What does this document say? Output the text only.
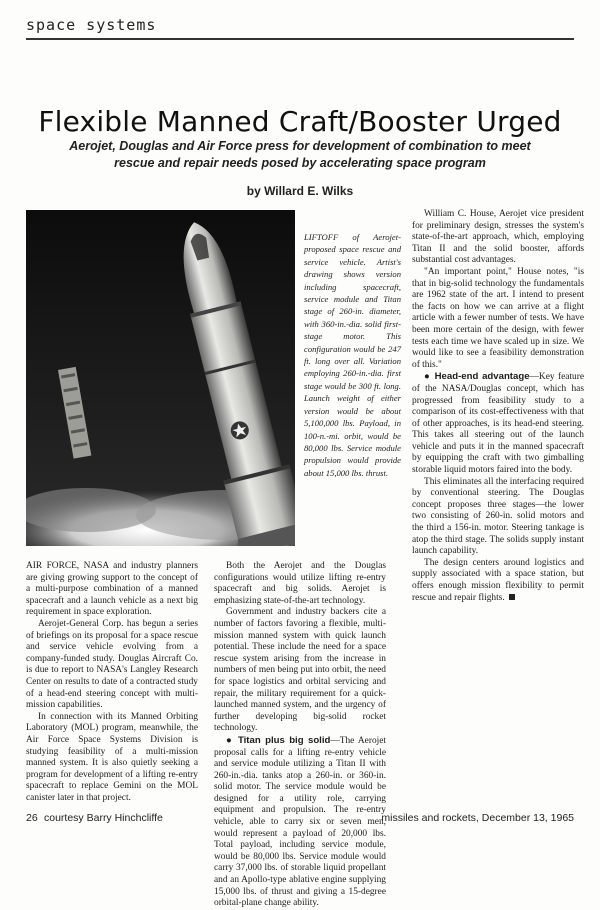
space systems
Flexible Manned Craft/Booster Urged
Aerojet, Douglas and Air Force press for development of combination to meet rescue and repair needs posed by accelerating space program
by Willard E. Wilks
LIFTOFF of Aerojet-proposed space rescue and service vehicle. Artist's drawing shows version including spacecraft, service module and Titan stage of 260-in. diameter, with 360-in.-dia. solid first-stage motor. This configuration would be 247 ft. long over all. Variation employing 260-in.-dia. first stage would be 300 ft. long. Launch weight of either version would be about 5,100,000 lbs. Payload, in 100-n.-mi. orbit, would be 80,000 lbs. Service module propulsion would provide about 15,000 lbs. thrust.

AIR FORCE, NASA and industry planners are giving growing support to the concept of a multi-purpose combination of a manned spacecraft and a launch vehicle as a next big requirement in space exploration.

Aerojet-General Corp. has begun a series of briefings on its proposal for a space rescue and service vehicle evolving from a company-funded study. Douglas Aircraft Co. is due to report to NASA's Langley Research Center on results to date of a contracted study of a head-end steering concept with multi-mission capabilities.

In connection with its Manned Orbiting Laboratory (MOL) program, meanwhile, the Air Force Space Systems Division is studying feasibility of a multi-mission manned system. It is also quietly seeking a program for development of a lifting re-entry spacecraft to replace Gemini on the MOL canister later in that project.

Both the Aerojet and the Douglas configurations would utilize lifting re-entry spacecraft and big solids. Aerojet is emphasizing state-of-the-art technology.

Government and industry backers cite a number of factors favoring a flexible, multi-mission manned system with quick launch potential. These include the need for a space rescue system arising from the increase in numbers of men being put into orbit, the need for space logistics and orbital servicing and repair, the military requirement for a quick-launched manned system, and the urgency of further developing big-solid rocket technology.

● Titan plus big solid—The Aerojet proposal calls for a lifting re-entry vehicle and service module utilizing a Titan II with 260-in.-dia. tanks atop a 260-in. or 360-in. solid motor. The service module would be designed for a utility role, carrying equipment and propulsion. The re-entry vehicle, able to carry six or seven men, would represent a payload of 20,000 lbs. Total payload, including service module, would be 80,000 lbs. Service module would carry 37,000 lbs. of storable liquid propellant and an Apollo-type ablative engine supplying 15,000 lbs. of thrust and giving a 15-degree orbital-plane change ability.

William C. House, Aerojet vice president for preliminary design, stresses the system's state-of-the-art approach, which, employing Titan II and the solid booster, affords substantial cost advantages.

"An important point," House notes, "is that in big-solid technology the fundamentals are 1962 state of the art. I intend to present the facts on how we can arrive at a flight article with a fewer number of tests. We have been more certain of the design, with fewer tests each time we have scaled up in size. We would like to see a feasibility demonstration of this."

● Head-end advantage—Key feature of the NASA/Douglas concept, which has progressed from feasibility study to a comparison of its cost-effectiveness with that of other approaches, is its head-end steering. This takes all steering out of the launch vehicle and puts it in the manned spacecraft by equipping the craft with two gimballing storable liquid motors faired into the body.

This eliminates all the interfacing required by conventional steering. The Douglas concept proposes three stages—the lower two consisting of 260-in. solid motors and the third a 156-in. motor. Steering tankage is atop the third stage. The solids supply instant launch capability.

The design centers around logistics and supply associated with a space station, but offers enough mission flexibility to permit rescue and repair flights.

26 courtesy Barry Hinchcliffe	missiles and rockets, December 13, 1965
